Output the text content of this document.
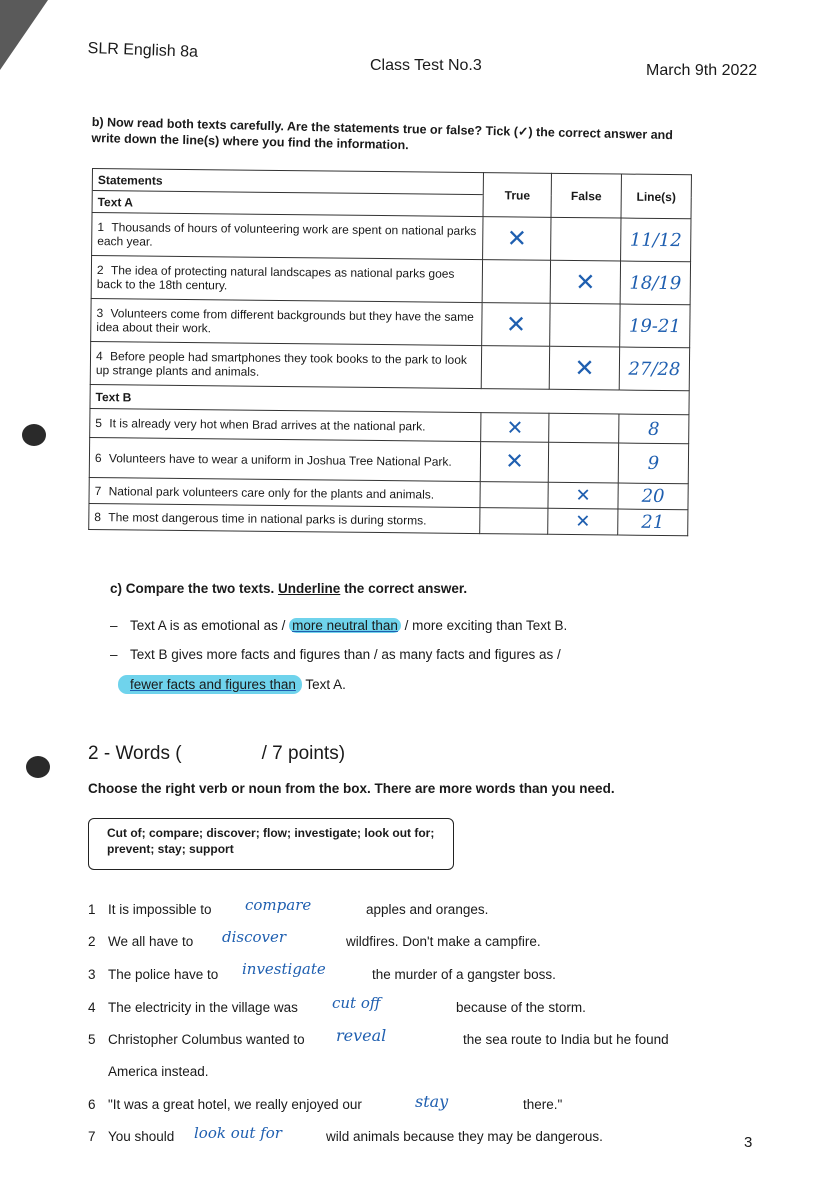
SLR English 8a
Class Test No.3	March 9th 2022
b) Now read both texts carefully. Are the statements true or false? Tick (✓) the correct answer and write down the line(s) where you find the information.
Statements	True	False	Line(s)
Text A			
1 Thousands of hours of volunteering work are spent on national parks each year.	✕		11/12
2 The idea of protecting natural landscapes as national parks goes back to the 18th century.		✕	18/19
3 Volunteers come from different backgrounds but they have the same idea about their work.	✕		19-21
4 Before people had smartphones they took books to the park to look up strange plants and animals.		✕	27/28
Text B			
5 It is already very hot when Brad arrives at the national park.	✕		8
6 Volunteers have to wear a uniform in Joshua Tree National Park.	✕		9
7 National park volunteers care only for the plants and animals.		✕	20
8 The most dangerous time in national parks is during storms.		✕	21
c) Compare the two texts. Underline the correct answer.
– Text A is as emotional as / more neutral than / more exciting than Text B.
– Text B gives more facts and figures than / as many facts and figures as /
fewer facts and figures than Text A.
2 - Words (	/ 7 points)
Choose the right verb or noun from the box. There are more words than you need.
Cut of; compare; discover; flow; investigate; look out for; prevent; stay; support
1 It is impossible to compare	apples and oranges.
2 We all have to discover	wildfires. Don't make a campfire.
3 The police have to investigate	the murder of a gangster boss.
4 The electricity in the village was cut off	because of the storm.
5 Christopher Columbus wanted to reveal	the sea route to India but he found
America instead.
6 "It was a great hotel, we really enjoyed our	stay	there."
7 You should look out for	wild animals because they may be dangerous.	3
